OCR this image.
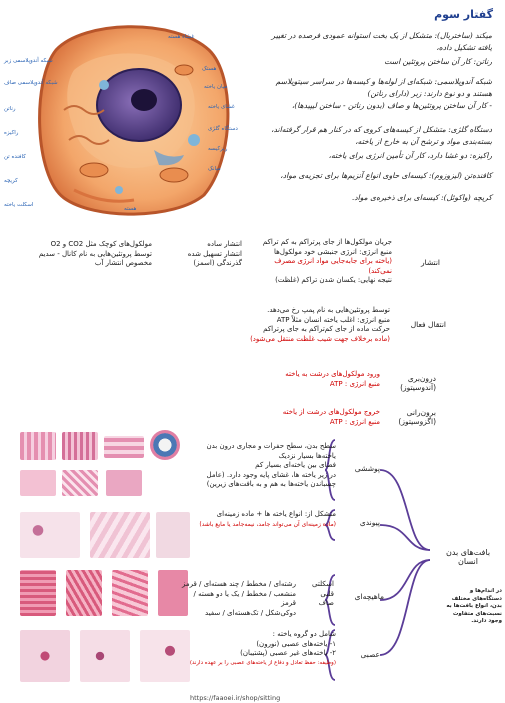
گفتار سوم
غشاء هسته
شبکه آندوپلاسمی زبر
هستک
شبکه آندوپلاسمی صاف
میان یاخته
غشای یاخته
رناتن
دستگاه گلژی
راکیزه
ریزکیسه
کافنده تن
میانک
کریچه
هسته
اسکلت یاخته
میکند (ساختربال): متشکل از یک بخت استوانه عمودی فرصده در تغییر یافته تشکیل داده،
رناتن: کار آن ساختن پروتئین است
شبکه آندوپلاسمی: شبکه‌ای از لوله‌ها و کیسه‌ها در سراسر سیتوپلاسم هستند و دو نوع دارند: زبر (دارای رناتن)
- کار آن ساختن پروتئین‌ها و صاف (بدون رناتن - ساختن لیپیدها)،
دستگاه گلژی: متشکل از کیسه‌های کروی که در کنار هم قرار گرفته‌اند، بسته‌بندی مواد و ترشح آن به خارج از یاخته،
راکیزه: دو غشا دارد، کار آن تأمین انرژی برای یاخته،
کافنده‌تن (لیزوزوم): کیسه‌ای حاوی انواع آنزیم‌ها برای تجزیه‌ی مواد،
کریچه (واکوئل): کیسه‌ای برای ذخیره‌ی مواد.
انتشار
جریان مولکول‌ها از جای پرتراکم به کم تراکم
منبع انرژی: انرژی جنبشی خود مولکول‌ها
(یاخته برای جابه‌جایی مواد انرژی مصرف نمی‌کند)
نتیجه نهایی: یکسان شدن تراکم (غلظت)
انتشار ساده
انتشار تسهیل شده
گذرندگی (اسمز)
مولکول‌های کوچک مثل CO2 و O2
توسط پروتئین‌هایی به نام کانال - سدیم
مخصوص انتشار آب
انتقال فعال
توسط پروتئین‌هایی به نام پمپ رخ می‌دهد.
منبع انرژی: اغلب یاخته انسان مثلاً ATP
حرکت ماده از جای کم‌تراکم به جای پرتراکم
(ماده برخلاف جهت شیب غلظت منتقل می‌شود)
درون‌بری
(آندوسیتوز)
ورود مولکول‌های درشت به یاخته
منبع انرژی : ATP
برون‌رانی
(اگزوسیتوز)
خروج مولکول‌های درشت از یاخته
منبع انرژی : ATP
بافت‌های بدن انسان
در اندام‌ها و دستگاه‌های مختلف بدن، انواع بافت‌ها به نسبت‌های متفاوت وجود دارند.
پوششی
سطح بدن، سطح حفرات و مجاری درون بدن
یاخته‌ها بسیار نزدیک
فضای بین یاخته‌ای بسیار کم
در زیر یاخته ها، غشای پایه وجود دارد. (عامل
چسباندن یاخته‌ها به هم و به بافت‌های زیرین)
پیوندی
متشکل از: انواع یاخته ها + ماده زمینه‌ای
(ماده زمینه‌ای آن می‌تواند جامد، نیمه‌جامد یا مایع باشد)
ماهیچه‌ای
اسکلتی
قلبی
صاف
رشته‌ای / مخطط / چند هسته‌ای / قرمز
منشعب / مخطط / یک یا دو هسته / قرمز
دوکی‌شکل / تک‌هسته‌ای / سفید
عصبی
شامل دو گروه یاخته :
۱- یاخته‌های عصبی (نورون)
۲- یاخته‌های غیر عصبی (پشتیبان)
(وظیفه: حفظ تعادل و دفاع از یاخته‌های عصبی را بر عهده دارند)
https://faaoei.ir/shop/sitting
